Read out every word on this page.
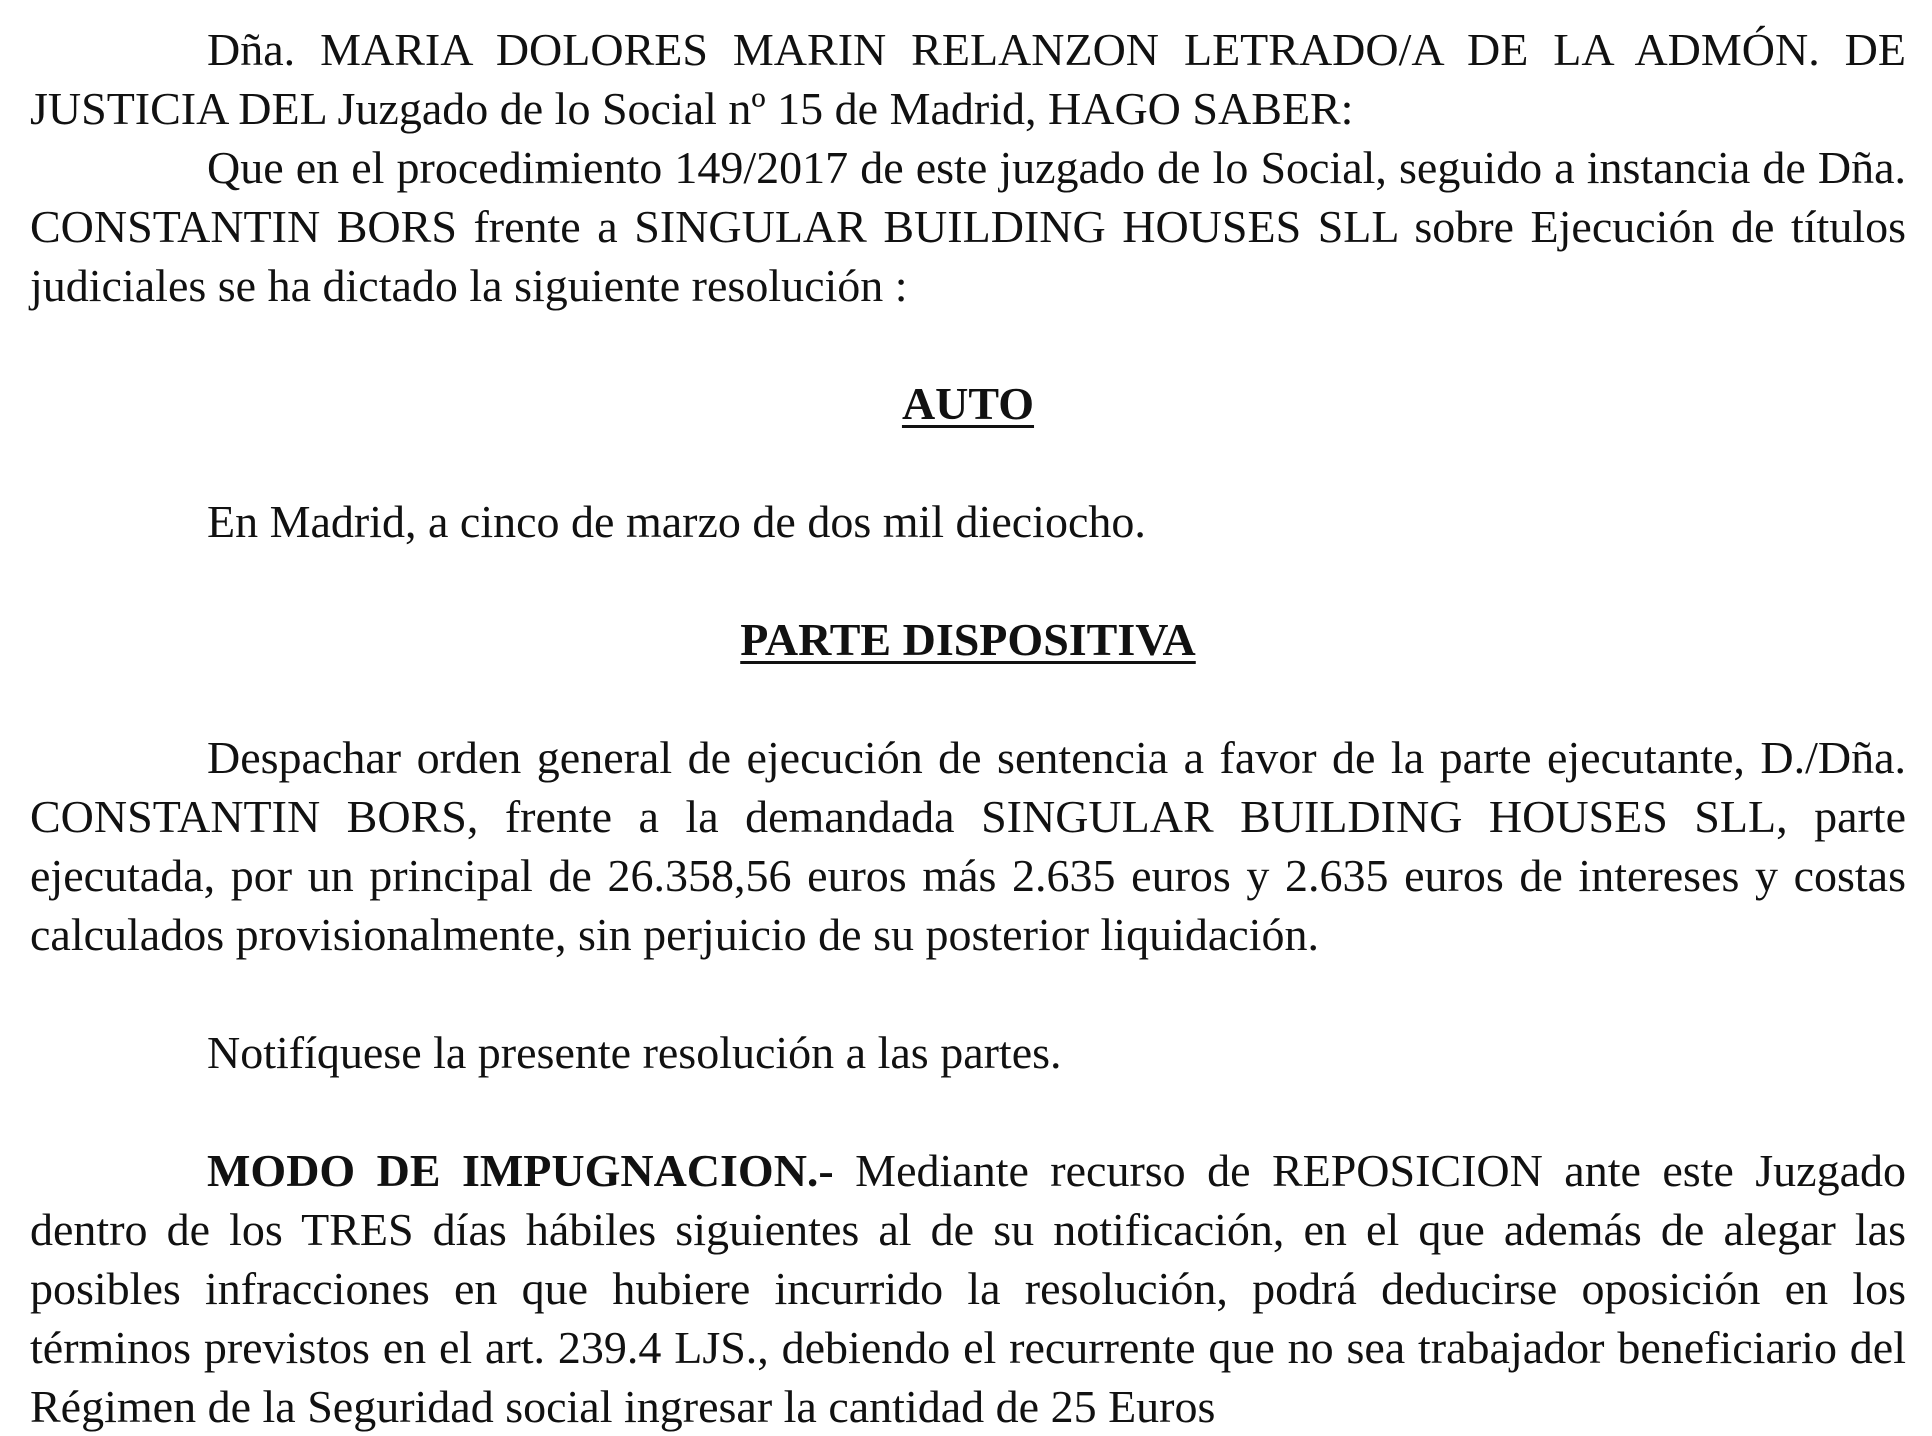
Dña. MARIA DOLORES MARIN RELANZON LETRADO/A DE LA ADMÓN. DE JUSTICIA DEL Juzgado de lo Social nº 15 de Madrid, HAGO SABER:

Que en el procedimiento 149/2017 de este juzgado de lo Social, seguido a instancia de Dña. CONSTANTIN BORS frente a SINGULAR BUILDING HOUSES SLL sobre Ejecución de títulos judiciales se ha dictado la siguiente resolución :

AUTO

En Madrid, a cinco de marzo de dos mil dieciocho.

PARTE DISPOSITIVA

Despachar orden general de ejecución de sentencia a favor de la parte ejecutante, D./Dña. CONSTANTIN BORS, frente a la demandada SINGULAR BUILDING HOUSES SLL, parte ejecutada, por un principal de 26.358,56 euros más 2.635 euros y 2.635 euros de intereses y costas calculados provisionalmente, sin perjuicio de su posterior liquidación.

Notifíquese la presente resolución a las partes.

MODO DE IMPUGNACION.- Mediante recurso de REPOSICION ante este Juzgado dentro de los TRES días hábiles siguientes al de su notificación, en el que además de alegar las posibles infracciones en que hubiere incurrido la resolución, podrá deducirse oposición en los términos previstos en el art. 239.4 LJS., debiendo el recurrente que no sea trabajador beneficiario del Régimen de la Seguridad social ingresar la cantidad de 25 Euros
